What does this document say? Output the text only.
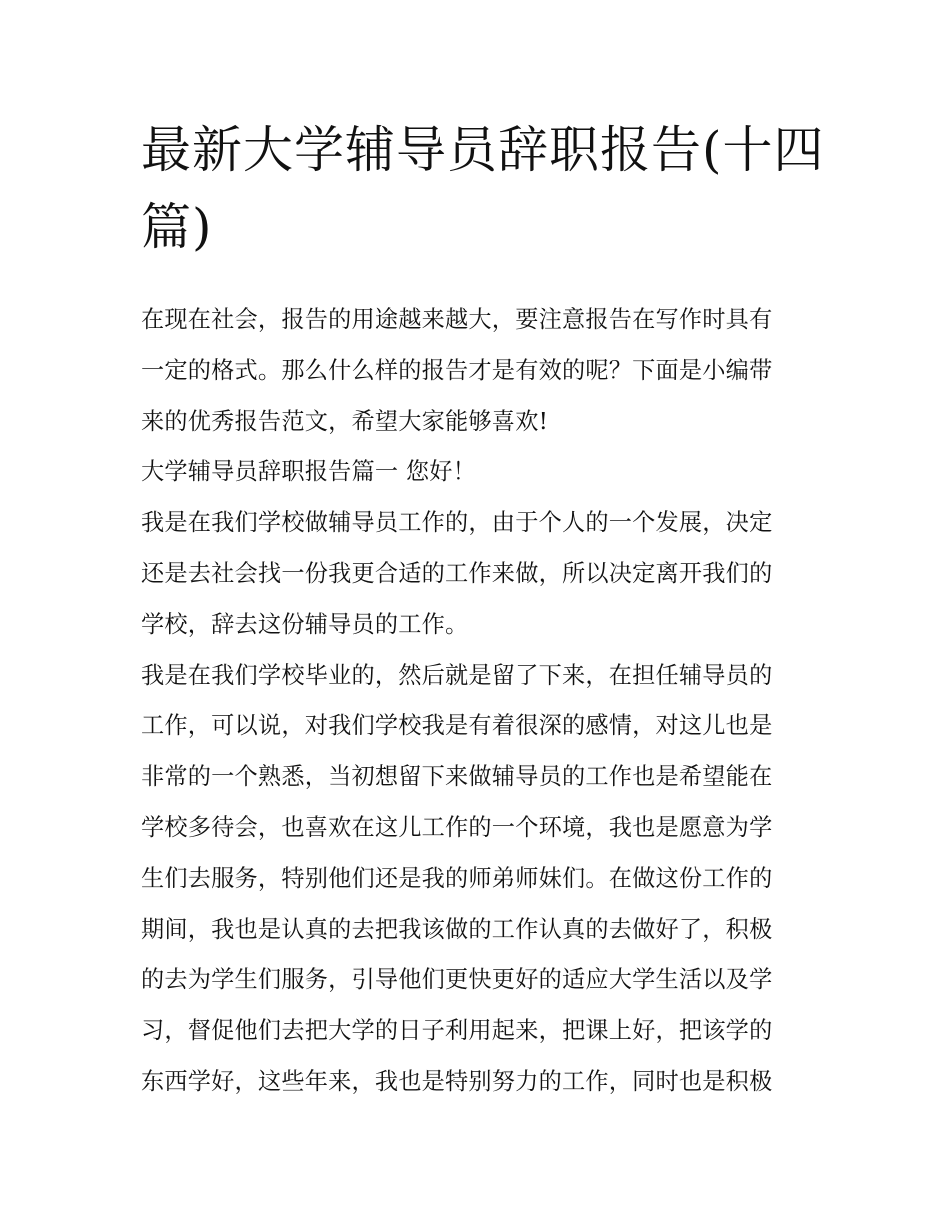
最新大学辅导员辞职报告(十四
篇)

在现在社会，报告的用途越来越大，要注意报告在写作时具有
一定的格式。那么什么样的报告才是有效的呢？下面是小编带
来的优秀报告范文，希望大家能够喜欢!

大学辅导员辞职报告篇一 您好！

我是在我们学校做辅导员工作的，由于个人的一个发展，决定
还是去社会找一份我更合适的工作来做，所以决定离开我们的
学校，辞去这份辅导员的工作。

我是在我们学校毕业的，然后就是留了下来，在担任辅导员的
工作，可以说，对我们学校我是有着很深的感情，对这儿也是
非常的一个熟悉，当初想留下来做辅导员的工作也是希望能在
学校多待会，也喜欢在这儿工作的一个环境，我也是愿意为学
生们去服务，特别他们还是我的师弟师妹们。在做这份工作的
期间，我也是认真的去把我该做的工作认真的去做好了，积极
的去为学生们服务，引导他们更快更好的适应大学生活以及学
习，督促他们去把大学的日子利用起来，把课上好，把该学的
东西学好，这些年来，我也是特别努力的工作，同时也是积极
